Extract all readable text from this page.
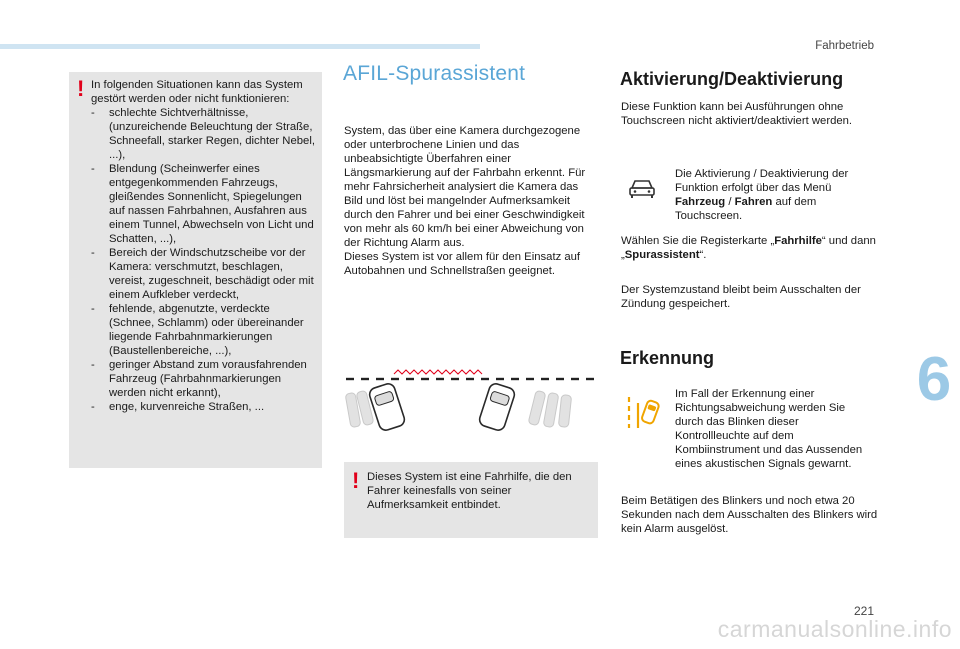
Fahrbetrieb
6
! In folgenden Situationen kann das System gestört werden oder nicht funktionieren:
- schlechte Sichtverhältnisse, (unzureichende Beleuchtung der Straße, Schneefall, starker Regen, dichter Nebel, ...),
- Blendung (Scheinwerfer eines entgegenkommenden Fahrzeugs, gleißendes Sonnenlicht, Spiegelungen auf nassen Fahrbahnen, Ausfahren aus einem Tunnel, Abwechseln von Licht und Schatten, ...),
- Bereich der Windschutzscheibe vor der Kamera: verschmutzt, beschlagen, vereist, zugeschneit, beschädigt oder mit einem Aufkleber verdeckt,
- fehlende, abgenutzte, verdeckte (Schnee, Schlamm) oder übereinander liegende Fahrbahnmarkierungen (Baustellenbereiche, ...),
- geringer Abstand zum vorausfahrenden Fahrzeug (Fahrbahnmarkierungen werden nicht erkannt),
- enge, kurvenreiche Straßen, ...
AFIL-Spurassistent
System, das über eine Kamera durchgezogene oder unterbrochene Linien und das unbeabsichtigte Überfahren einer Längsmarkierung auf der Fahrbahn erkennt. Für mehr Fahrsicherheit analysiert die Kamera das Bild und löst bei mangelnder Aufmerksamkeit durch den Fahrer und bei einer Geschwindigkeit von mehr als 60 km/h bei einer Abweichung von der Richtung Alarm aus.
Dieses System ist vor allem für den Einsatz auf Autobahnen und Schnellstraßen geeignet.
! Dieses System ist eine Fahrhilfe, die den Fahrer keinesfalls von seiner Aufmerksamkeit entbindet.
Aktivierung/Deaktivierung
Diese Funktion kann bei Ausführungen ohne Touchscreen nicht aktiviert/deaktiviert werden.
Die Aktivierung / Deaktivierung der Funktion erfolgt über das Menü Fahrzeug / Fahren auf dem Touchscreen.
Wählen Sie die Registerkarte „Fahrhilfe“ und dann „Spurassistent“.
Der Systemzustand bleibt beim Ausschalten der Zündung gespeichert.
Erkennung
Im Fall der Erkennung einer Richtungsabweichung werden Sie durch das Blinken dieser Kontrollleuchte auf dem Kombiinstrument und das Aussenden eines akustischen Signals gewarnt.
Beim Betätigen des Blinkers und noch etwa 20 Sekunden nach dem Ausschalten des Blinkers wird kein Alarm ausgelöst.
221
carmanualsonline.info
